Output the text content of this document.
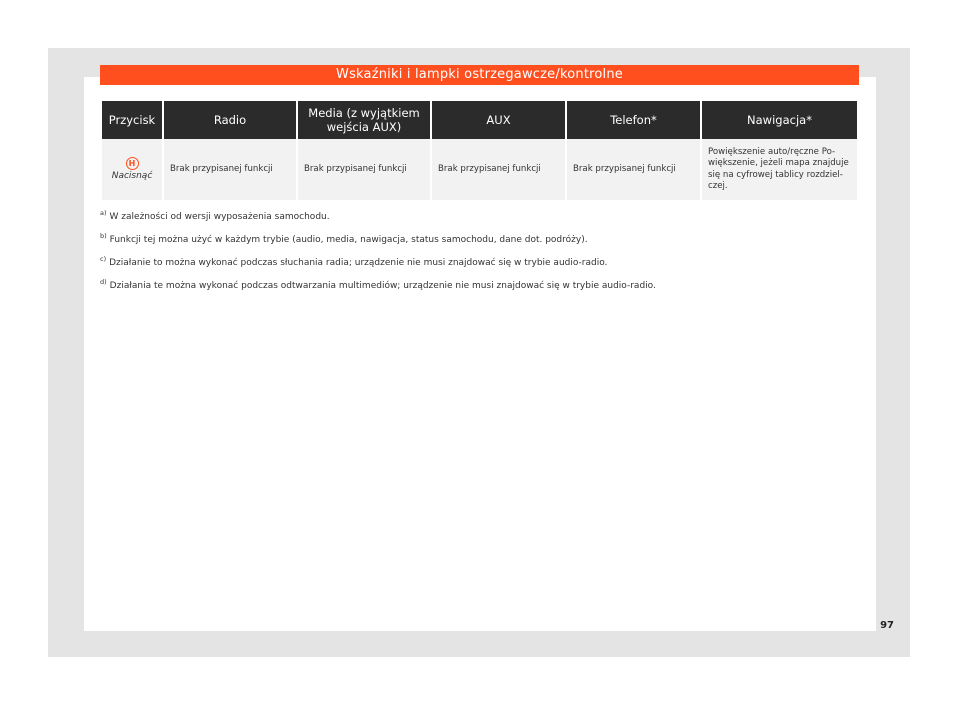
Wskaźniki i lampki ostrzegawcze/kontrolne
Przycisk	Radio	Media (z wyjątkiem wejścia AUX)	AUX	Telefon*	Nawigacja*
H
Nacisnąć	Brak przypisanej funkcji	Brak przypisanej funkcji	Brak przypisanej funkcji	Brak przypisanej funkcji	Powiększenie auto/ręczne Po-większenie, jeżeli mapa znajduje się na cyfrowej tablicy rozdziel-czej.
$^{a)}$ W zależności od wersji wyposażenia samochodu.
$^{b)}$ Funkcji tej można użyć w każdym trybie (audio, media, nawigacja, status samochodu, dane dot. podróży).
$^{c)}$ Działanie to można wykonać podczas słuchania radia; urządzenie nie musi znajdować się w trybie audio-radio.
$^{d)}$ Działania te można wykonać podczas odtwarzania multimediów; urządzenie nie musi znajdować się w trybie audio-radio.
97
